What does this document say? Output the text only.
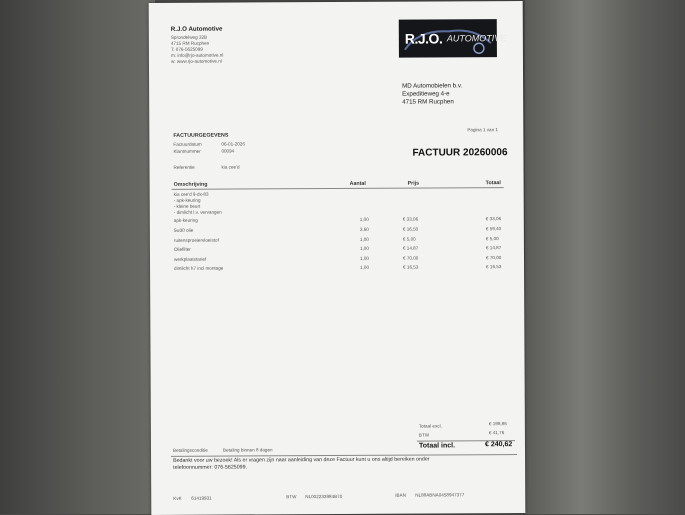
R.J.O Automotive
Sprondelweg 32B
4715 RM Rucphen
T: 076-5625099
m: info@rjo-automotive.nl
w: www.rjo-automotive.nl
R.J.O. AUTOMOTIVE
MD Automobielen b.v.
Expeditieweg 4-e
4715 RM Rucphen
Pagina 1 van 1
FACTUURGEGEVENS
Factuurdatum	06-01-2026
Klantnummer	00094	FACTUUR 20260006
Referentie	kia cee'd
Omschrijving	Aantal	Prijs	Totaal
kia cee'd 9-dx-83
- apk-keuring
- kleine beurt
- dimlicht l.v. vervangen
apk-keuring	1,00	€ 33,06	€ 33,06
5w30 olie	3,60	€ 16,50	€ 59,40
ruitensproeiervloeistof	1,00	€ 5,00	€ 5,00
Oliefilter	1,00	€ 14,87	€ 14,87
werkplaatstarief	1,00	€ 70,00	€ 70,00
dimlicht h7 incl montage	1,00	€ 16,53	€ 16,53
Totaal excl.	€ 198,86
BTW	€ 41,76
Totaal incl.	€ 240,62
Betalingsconditie	Betaling binnen 8 dagen
Bedankt voor uw bezoek! Als er vragen zijn naar aanleiding van deze Factuur kunt u ons altijd bereiken onder
telefoonnummer: 076-5625099.
KvK 61419931	BTW NL002233984B70	IBAN NL88ABNA0458947377
